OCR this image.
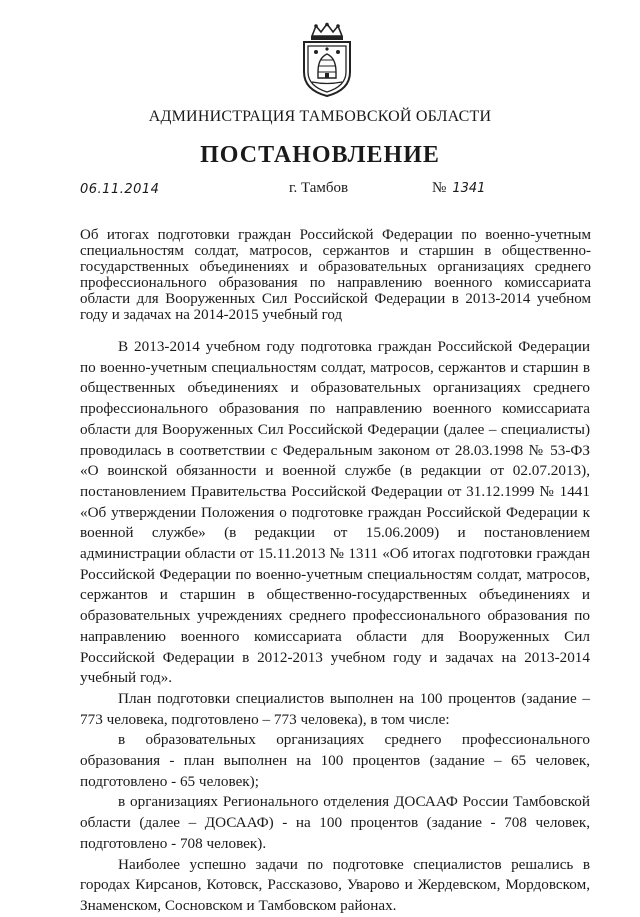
АДМИНИСТРАЦИЯ ТАМБОВСКОЙ ОБЛАСТИ
ПОСТАНОВЛЕНИЕ
06.11.2014	г. Тамбов	№ 1341
Об итогах подготовки граждан Российской Федерации по военно-учетным специальностям солдат, матросов, сержантов и старшин в общественно-государственных объединениях и образовательных организациях среднего профессионального образования по направлению военного комиссариата области для Вооруженных Сил Российской Федерации в 2013-2014 учебном году и задачах на 2014-2015 учебный год

В 2013-2014 учебном году подготовка граждан Российской Федерации по военно-учетным специальностям солдат, матросов, сержантов и старшин в общественных объединениях и образовательных организациях среднего профессионального образования по направлению военного комиссариата области для Вооруженных Сил Российской Федерации (далее – специалисты) проводилась в соответствии с Федеральным законом от 28.03.1998 № 53-ФЗ «О воинской обязанности и военной службе (в редакции от 02.07.2013), постановлением Правительства Российской Федерации от 31.12.1999 № 1441 «Об утверждении Положения о подготовке граждан Российской Федерации к военной службе» (в редакции от 15.06.2009) и постановлением администрации области от 15.11.2013 № 1311 «Об итогах подготовки граждан Российской Федерации по военно-учетным специальностям солдат, матросов, сержантов и старшин в общественно-государственных объединениях и образовательных учреждениях среднего профессионального образования по направлению военного комиссариата области для Вооруженных Сил Российской Федерации в 2012-2013 учебном году и задачах на 2013-2014 учебный год».

План подготовки специалистов выполнен на 100 процентов (задание – 773 человека, подготовлено – 773 человека), в том числе:

в образовательных организациях среднего профессионального образования - план выполнен на 100 процентов (задание – 65 человек, подготовлено - 65 человек);

в организациях Регионального отделения ДОСААФ России Тамбовской области (далее – ДОСААФ) - на 100 процентов (задание - 708 человек, подготовлено - 708 человек).

Наиболее успешно задачи по подготовке специалистов решались в городах Кирсанов, Котовск, Рассказово, Уварово и Жердевском, Мордовском, Знаменском, Сосновском и Тамбовском районах.
